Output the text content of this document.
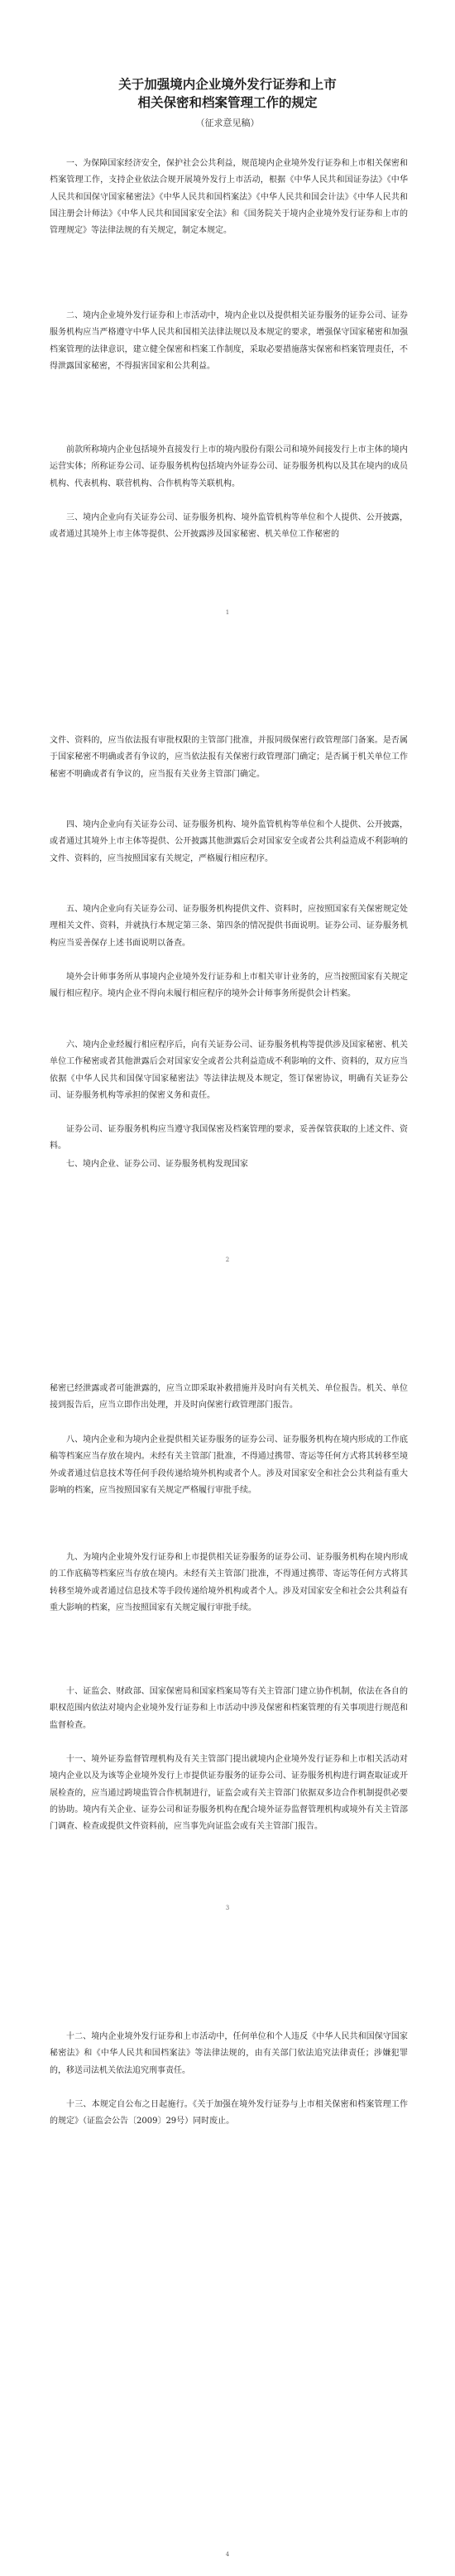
关于加强境内企业境外发行证券和上市
相关保密和档案管理工作的规定

（征求意见稿）

一、为保障国家经济安全，保护社会公共利益，规范境内企业境外发行证券和上市相关保密和档案管理工作，支持企业依法合规开展境外发行上市活动，根据《中华人民共和国证券法》《中华人民共和国保守国家秘密法》《中华人民共和国档案法》《中华人民共和国会计法》《中华人民共和国注册会计师法》《中华人民共和国国家安全法》和《国务院关于境内企业境外发行证券和上市的管理规定》等法律法规的有关规定，制定本规定。

二、境内企业境外发行证券和上市活动中，境内企业以及提供相关证券服务的证券公司、证券服务机构应当严格遵守中华人民共和国相关法律法规以及本规定的要求，增强保守国家秘密和加强档案管理的法律意识，建立健全保密和档案工作制度，采取必要措施落实保密和档案管理责任，不得泄露国家秘密，不得损害国家和公共利益。

前款所称境内企业包括境外直接发行上市的境内股份有限公司和境外间接发行上市主体的境内运营实体；所称证券公司、证券服务机构包括境内外证券公司、证券服务机构以及其在境内的成员机构、代表机构、联营机构、合作机构等关联机构。

三、境内企业向有关证券公司、证券服务机构、境外监管机构等单位和个人提供、公开披露，或者通过其境外上市主体等提供、公开披露涉及国家秘密、机关单位工作秘密的

1

文件、资料的，应当依法报有审批权限的主管部门批准，并报同级保密行政管理部门备案。是否属于国家秘密不明确或者有争议的，应当依法报有关保密行政管理部门确定；是否属于机关单位工作秘密不明确或者有争议的，应当报有关业务主管部门确定。

四、境内企业向有关证券公司、证券服务机构、境外监管机构等单位和个人提供、公开披露，或者通过其境外上市主体等提供、公开披露其他泄露后会对国家安全或者公共利益造成不利影响的文件、资料的，应当按照国家有关规定，严格履行相应程序。

五、境内企业向有关证券公司、证券服务机构提供文件、资料时，应按照国家有关保密规定处理相关文件、资料，并就执行本规定第三条、第四条的情况提供书面说明。证券公司、证券服务机构应当妥善保存上述书面说明以备查。

境外会计师事务所从事境内企业境外发行证券和上市相关审计业务的，应当按照国家有关规定履行相应程序。境内企业不得向未履行相应程序的境外会计师事务所提供会计档案。

六、境内企业经履行相应程序后，向有关证券公司、证券服务机构等提供涉及国家秘密、机关单位工作秘密或者其他泄露后会对国家安全或者公共利益造成不利影响的文件、资料的，双方应当依据《中华人民共和国保守国家秘密法》等法律法规及本规定，签订保密协议，明确有关证券公司、证券服务机构等承担的保密义务和责任。

证券公司、证券服务机构应当遵守我国保密及档案管理的要求，妥善保管获取的上述文件、资料。

七、境内企业、证券公司、证券服务机构发现国家

2

秘密已经泄露或者可能泄露的，应当立即采取补救措施并及时向有关机关、单位报告。机关、单位接到报告后，应当立即作出处理，并及时向保密行政管理部门报告。

八、境内企业和为境内企业提供相关证券服务的证券公司、证券服务机构在境内形成的工作底稿等档案应当存放在境内。未经有关主管部门批准，不得通过携带、寄运等任何方式将其转移至境外或者通过信息技术等任何手段传递给境外机构或者个人。涉及对国家安全和社会公共利益有重大影响的档案，应当按照国家有关规定严格履行审批手续。

九、为境内企业境外发行证券和上市提供相关证券服务的证券公司、证券服务机构在境内形成的工作底稿等档案应当存放在境内。未经有关主管部门批准，不得通过携带、寄运等任何方式将其转移至境外或者通过信息技术等手段传递给境外机构或者个人。涉及对国家安全和社会公共利益有重大影响的档案，应当按照国家有关规定履行审批手续。

十、证监会、财政部、国家保密局和国家档案局等有关主管部门建立协作机制，依法在各自的职权范围内依法对境内企业境外发行证券和上市活动中涉及保密和档案管理的有关事项进行规范和监督检查。

十一、境外证券监督管理机构及有关主管部门提出就境内企业境外发行证券和上市相关活动对境内企业以及为该等企业境外发行上市提供证券服务的证券公司、证券服务机构进行调查取证或开展检查的，应当通过跨境监管合作机制进行，证监会或有关主管部门依据双多边合作机制提供必要的协助。境内有关企业、证券公司和证券服务机构在配合境外证券监督管理机构或境外有关主管部门调查、检查或提供文件资料前，应当事先向证监会或有关主管部门报告。

3

十二、境内企业境外发行证券和上市活动中，任何单位和个人违反《中华人民共和国保守国家秘密法》和《中华人民共和国档案法》等法律法规的，由有关部门依法追究法律责任；涉嫌犯罪的，移送司法机关依法追究刑事责任。

十三、本规定自公布之日起施行。《关于加强在境外发行证券与上市相关保密和档案管理工作的规定》（证监会公告〔2009〕29号）同时废止。

4
